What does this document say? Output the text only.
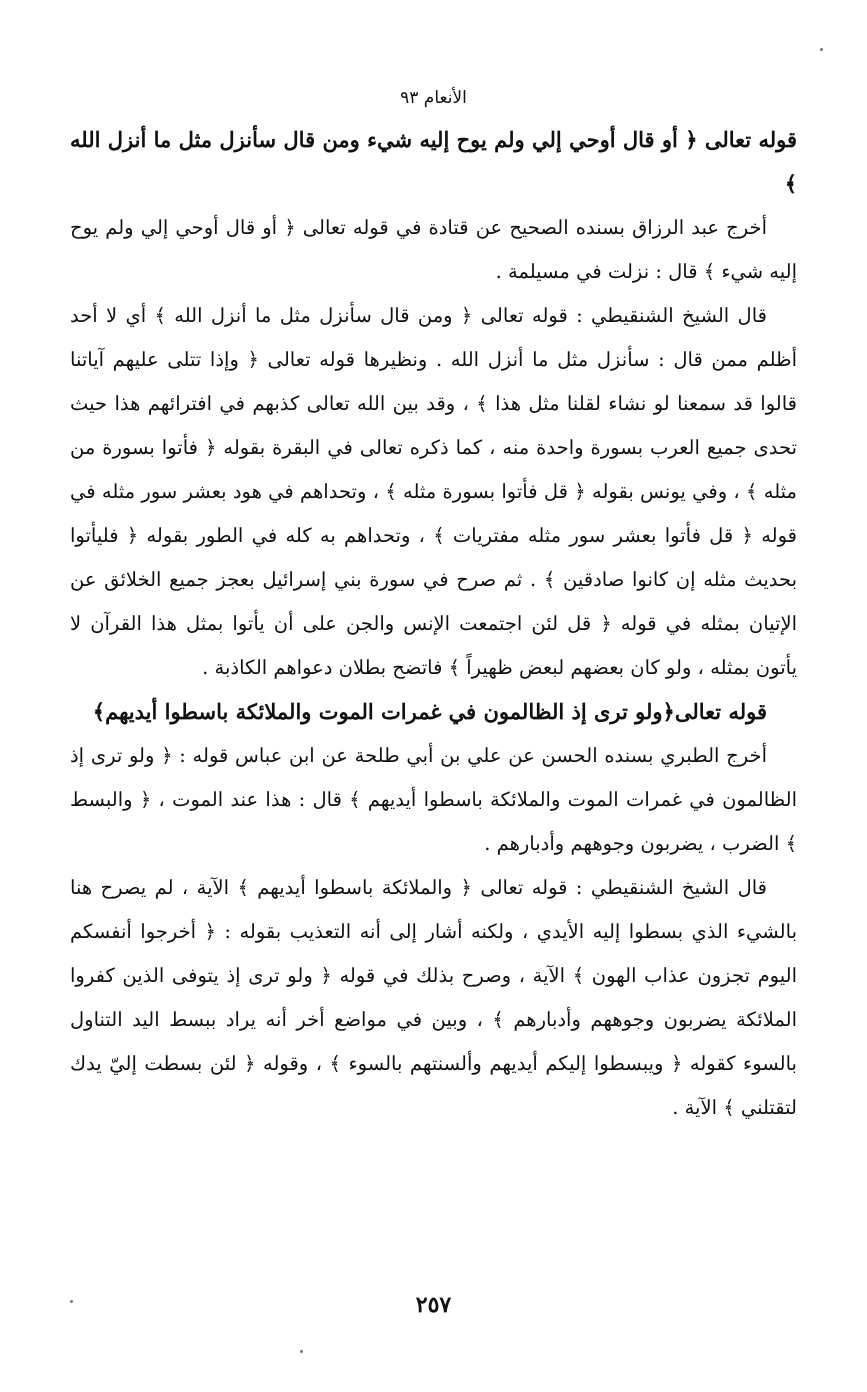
الأنعام ٩٣

قوله تعالى ﴿ أو قال أوحي إلي ولم يوح إليه شيء ومن قال سأنزل مثل ما أنزل الله ﴾

أخرج عبد الرزاق بسنده الصحيح عن قتادة في قوله تعالى ﴿ أو قال أوحي إلي ولم يوح إليه شيء ﴾ قال : نزلت في مسيلمة .

قال الشيخ الشنقيطي : قوله تعالى ﴿ ومن قال سأنزل مثل ما أنزل الله ﴾ أي لا أحد أظلم ممن قال : سأنزل مثل ما أنزل الله . ونظيرها قوله تعالى ﴿ وإذا تتلى عليهم آياتنا قالوا قد سمعنا لو نشاء لقلنا مثل هذا ﴾ ، وقد بين الله تعالى كذبهم في افترائهم هذا حيث تحدى جميع العرب بسورة واحدة منه ، كما ذكره تعالى في البقرة بقوله ﴿ فأتوا بسورة من مثله ﴾ ، وفي يونس بقوله ﴿ قل فأتوا بسورة مثله ﴾ ، وتحداهم في هود بعشر سور مثله في قوله ﴿ قل فأتوا بعشر سور مثله مفتريات ﴾ ، وتحداهم به كله في الطور بقوله ﴿ فليأتوا بحديث مثله إن كانوا صادقين ﴾ . ثم صرح في سورة بني إسرائيل بعجز جميع الخلائق عن الإتيان بمثله في قوله ﴿ قل لئن اجتمعت الإنس والجن على أن يأتوا بمثل هذا القرآن لا يأتون بمثله ، ولو كان بعضهم لبعض ظهيراً ﴾ فاتضح بطلان دعواهم الكاذبة .

قوله تعالى﴿ولو ترى إذ الظالمون في غمرات الموت والملائكة باسطوا أيديهم﴾

أخرج الطبري بسنده الحسن عن علي بن أبي طلحة عن ابن عباس قوله : ﴿ ولو ترى إذ الظالمون في غمرات الموت والملائكة باسطوا أيديهم ﴾ قال : هذا عند الموت ، ﴿ والبسط ﴾ الضرب ، يضربون وجوههم وأدبارهم .

قال الشيخ الشنقيطي : قوله تعالى ﴿ والملائكة باسطوا أيديهم ﴾ الآية ، لم يصرح هنا بالشيء الذي بسطوا إليه الأيدي ، ولكنه أشار إلى أنه التعذيب بقوله : ﴿ أخرجوا أنفسكم اليوم تجزون عذاب الهون ﴾ الآية ، وصرح بذلك في قوله ﴿ ولو ترى إذ يتوفى الذين كفروا الملائكة يضربون وجوههم وأدبارهم ﴾ ، وبين في مواضع أخر أنه يراد ببسط اليد التناول بالسوء كقوله ﴿ ويبسطوا إليكم أيديهم وألسنتهم بالسوء ﴾ ، وقوله ﴿ لئن بسطت إليّ يدك لتقتلني ﴾ الآية .

٢٥٧
